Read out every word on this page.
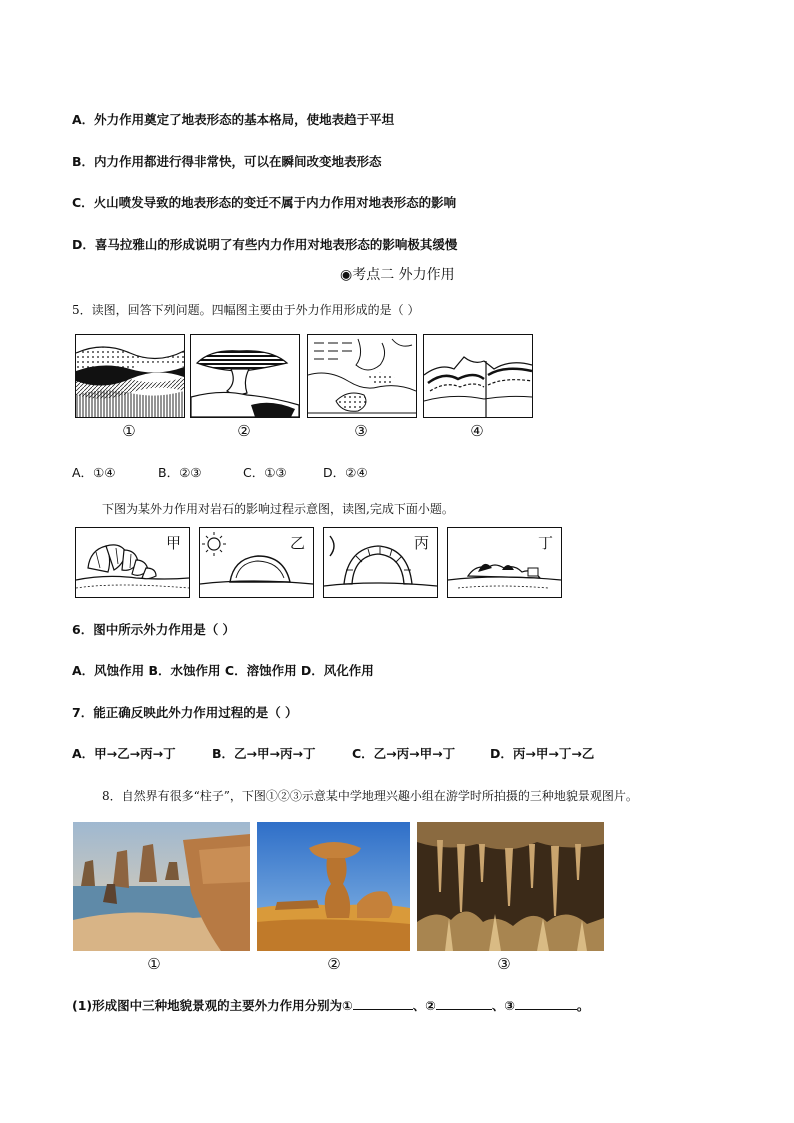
A．外力作用奠定了地表形态的基本格局，使地表趋于平坦
B．内力作用都进行得非常快，可以在瞬间改变地表形态
C．火山喷发导致的地表形态的变迁不属于内力作用对地表形态的影响
D．喜马拉雅山的形成说明了有些内力作用对地表形态的影响极其缓慢
◉考点二 外力作用
5．读图，回答下列问题。四幅图主要由于外力作用形成的是（ ）
①	②	③	④
A．①④	B．②③	C．①③	D．②④
下图为某外力作用对岩石的影响过程示意图，读图,完成下面小题。
甲	乙	丙	丁
6．图中所示外力作用是（ ）
A．风蚀作用 B．水蚀作用 C．溶蚀作用 D．风化作用
7．能正确反映此外力作用过程的是（ ）
A．甲→乙→丙→丁	B．乙→甲→丙→丁	C．乙→丙→甲→丁	D．丙→甲→丁→乙
8．自然界有很多“柱子”，下图①②③示意某中学地理兴趣小组在游学时所拍摄的三种地貌景观图片。
①	②	③
(1)形成图中三种地貌景观的主要外力作用分别为①	、②	、③	。
